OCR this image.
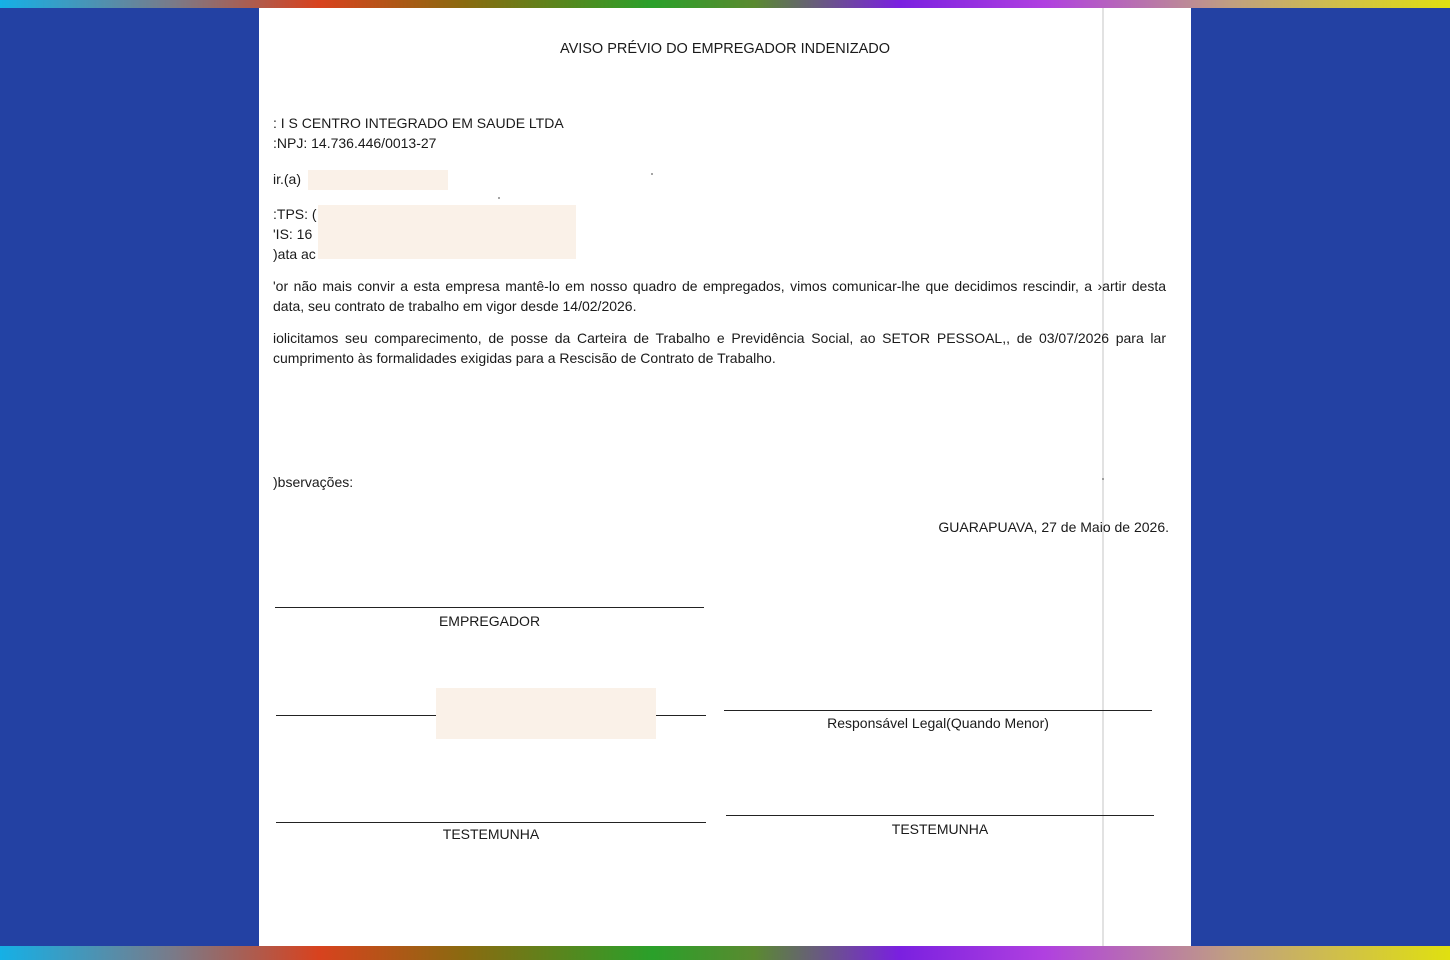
AVISO PRÉVIO DO EMPREGADOR INDENIZADO
: I S CENTRO INTEGRADO EM SAUDE LTDA
:NPJ: 14.736.446/0013-27
ir.(a)
:TPS: (
'IS: 16
)ata ac
'or não mais convir a esta empresa mantê-lo em nosso quadro de empregados, vimos comunicar-lhe que decidimos rescindir, a ›artir desta data, seu contrato de trabalho em vigor desde 14/02/2026.
iolicitamos seu comparecimento, de posse da Carteira de Trabalho e Previdência Social, ao SETOR PESSOAL,, de 03/07/2026 para lar cumprimento às formalidades exigidas para a Rescisão de Contrato de Trabalho.
)bservações:
GUARAPUAVA, 27 de Maio de 2026.
EMPREGADOR
Responsável Legal(Quando Menor)
TESTEMUNHA	TESTEMUNHA
